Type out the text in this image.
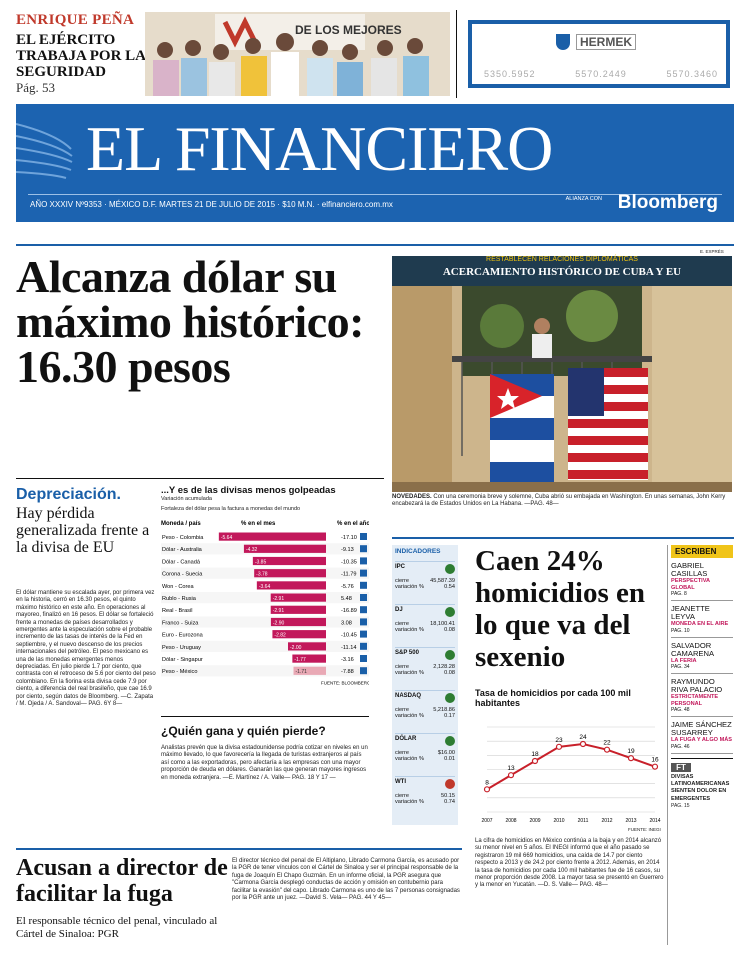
ENRIQUE PEÑA
EL EJÉRCITO TRABAJA POR LA SEGURIDAD
Pág. 53
DE LOS MEJORES
HERMEK
5350.5952	5570.2449	5570.3460
EL FINANCIERO
AÑO XXXIV Nº9353 · MÉXICO D.F. MARTES 21 DE JULIO DE 2015 · $10 M.N. · elfinanciero.com.mx
ALIANZA CON Bloomberg
Alcanza dólar su máximo histórico: 16.30 pesos
Depreciación.
Hay pérdida generalizada frente a la divisa de EU
El dólar mantiene su escalada ayer, por primera vez en la historia, cerró en 16.30 pesos, el quinto máximo histórico en este año. En operaciones al mayoreo, finalizó en 16 pesos. El dólar se fortaleció frente a monedas de países desarrollados y emergentes ante la especulación sobre el probable incremento de las tasas de interés de la Fed en septiembre, y el nuevo descenso de los precios internacionales del petróleo. El peso mexicano es una de las monedas emergentes menos depreciadas. En julio pierde 1.7 por ciento, que contrasta con el retroceso de 5.6 por ciento del peso colombiano. En la fiorina esta divisa cede 7.9 por ciento, a diferencia del real brasileño, que cae 16.9 por ciento, según datos de Bloomberg. —C. Zapata / M. Ojeda / A. Sandoval— PAG. 6Y 8—
...Y es de las divisas menos golpeadas
Variación acumulada
Fortaleza del dólar pesa la factura a monedas del mundo
Moneda / país	% en el mes	% en el año
Peso - Colombia	-5.64	-17.10
Dólar - Australia	-4.32	-9.13
Dólar - Canadá	-3.85	-10.35
Corona - Suecia	-3.78	-11.79
Won - Corea	-3.64	-5.76
Rublo - Rusia	-2.91	5.48
Real - Brasil	-2.91	-16.89
Franco - Suiza	-2.90	3.08
Euro - Eurozona	-2.82	-10.45
Peso - Uruguay	-2.00	-11.14
Dólar - Singapur	-1.77	-3.16
Peso - México	-1.71	-7.88
FUENTE: BLOOMBERG
¿Quién gana y quién pierde?
Analistas prevén que la divisa estadounidense podría cotizar en niveles en un máximo llevado, lo que favorecería la llegada de turistas extranjeros al país así como a las exportadoras, pero afectaría a las empresas con una mayor proporción de deuda en dólares. Ganarán las que generan mayores ingresos en moneda extranjera. —E. Martínez / A. Valle— PAG. 18 Y 17 —
RESTABLECEN RELACIONES DIPLOMÁTICAS
ACERCAMIENTO HISTÓRICO DE CUBA Y EU
E. EXPRÉS
NOVEDADES. Con una ceremonia breve y solemne, Cuba abrió su embajada en Washington. En unas semanas, John Kerry encabezará la de Estados Unidos en La Habana. —PAG. 48—
INDICADORES
IPC
cierre	45,587.39
variación %	0.54
DJ
cierre	18,100.41
variación %	0.08
S&P 500
cierre	2,128.28
variación %	0.08
NASDAQ
cierre	5,218.86
variación %	0.17
DÓLAR
cierre	$16.00
variación %	0.01
WTI
cierre	50.15
variación %	0.74
Caen 24% homicidios en lo que va del sexenio
Tasa de homicidios por cada 100 mil habitantes
8
2007
13
2008
18
2009
23
2010
24
2011
22
2012
19
2013
16
2014
FUENTE: INEGI
La cifra de homicidios en México continúa a la baja y en 2014 alcanzó su menor nivel en 5 años. El INEGI informó que el año pasado se registraron 19 mil 669 homicidios, una caída de 14.7 por ciento respecto a 2013 y de 24.2 por ciento frente a 2012. Además, en 2014 la tasa de homicidios por cada 100 mil habitantes fue de 16 casos, su menor proporción desde 2008. La mayor tasa se presentó en Guerrero y la menor en Yucatán. —D. S. Valle— PAG. 48—
ESCRIBEN
GABRIEL CASILLAS
PERSPECTIVA GLOBAL
PAG. 8
JEANETTE LEYVA
MONEDA EN EL AIRE
PAG. 10
SALVADOR CAMARENA
LA FERIA
PAG. 34
RAYMUNDO RIVA PALACIO
ESTRICTAMENTE PERSONAL
PAG. 48
JAIME SÁNCHEZ SUSARREY
LA FUGA Y ALGO MÁS
PAG. 46
FT
DIVISAS LATINOAMERICANAS SIENTEN DOLOR EN EMERGENTES
PAG. 15
Acusan a director de facilitar la fuga
El responsable técnico del penal, vinculado al Cártel de Sinaloa: PGR
El director técnico del penal de El Altiplano, Librado Carmona García, es acusado por la PGR de tener vínculos con el Cártel de Sinaloa y ser el principal responsable de la fuga de Joaquín El Chapo Guzmán. En un informe oficial, la PGR asegura que "Carmona García desplegó conductas de acción y omisión en contubernio para facilitar la evasión" del capo. Librado Carmona es uno de las 7 personas consignadas por la PGR ante un juez. —David S. Vela— PAG. 44 Y 45—
